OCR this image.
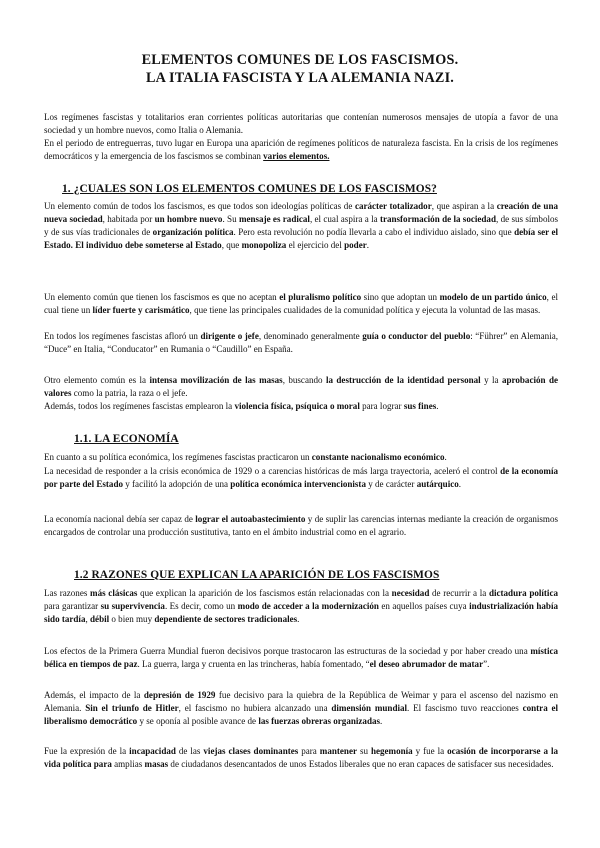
ELEMENTOS COMUNES DE LOS FASCISMOS.
LA ITALIA FASCISTA Y LA ALEMANIA NAZI.

Los regímenes fascistas y totalitarios eran corrientes políticas autoritarias que contenían numerosos mensajes de utopía a favor de una sociedad y un hombre nuevos, como Italia o Alemania.

En el periodo de entreguerras, tuvo lugar en Europa una aparición de regímenes políticos de naturaleza fascista. En la crisis de los regímenes democráticos y la emergencia de los fascismos se combinan varios elementos.

1. ¿CUALES SON LOS ELEMENTOS COMUNES DE LOS FASCISMOS?

Un elemento común de todos los fascismos, es que todos son ideologías políticas de carácter totalizador, que aspiran a la creación de una nueva sociedad, habitada por un hombre nuevo. Su mensaje es radical, el cual aspira a la transformación de la sociedad, de sus símbolos y de sus vías tradicionales de organización política. Pero esta revolución no podía llevarla a cabo el individuo aislado, sino que debía ser el Estado. El individuo debe someterse al Estado, que monopoliza el ejercicio del poder.

Un elemento común que tienen los fascismos es que no aceptan el pluralismo político sino que adoptan un modelo de un partido único, el cual tiene un líder fuerte y carismático, que tiene las principales cualidades de la comunidad política y ejecuta la voluntad de las masas.

En todos los regímenes fascistas afloró un dirigente o jefe, denominado generalmente guía o conductor del pueblo: “Führer” en Alemania, “Duce” en Italia, “Conducator” en Rumania o “Caudillo” en España.

Otro elemento común es la intensa movilización de las masas, buscando la destrucción de la identidad personal y la aprobación de valores como la patria, la raza o el jefe.

Además, todos los regímenes fascistas emplearon la violencia física, psíquica o moral para lograr sus fines.

1.1. LA ECONOMÍA

En cuanto a su política económica, los regímenes fascistas practicaron un constante nacionalismo económico.

La necesidad de responder a la crisis económica de 1929 o a carencias históricas de más larga trayectoria, aceleró el control de la economía por parte del Estado y facilitó la adopción de una política económica intervencionista y de carácter autárquico.

La economía nacional debía ser capaz de lograr el autoabastecimiento y de suplir las carencias internas mediante la creación de organismos encargados de controlar una producción sustitutiva, tanto en el ámbito industrial como en el agrario.

1.2 RAZONES QUE EXPLICAN LA APARICIÓN DE LOS FASCISMOS

Las razones más clásicas que explican la aparición de los fascismos están relacionadas con la necesidad de recurrir a la dictadura política para garantizar su supervivencia. Es decir, como un modo de acceder a la modernización en aquellos países cuya industrialización había sido tardía, débil o bien muy dependiente de sectores tradicionales.

Los efectos de la Primera Guerra Mundial fueron decisivos porque trastocaron las estructuras de la sociedad y por haber creado una mística bélica en tiempos de paz. La guerra, larga y cruenta en las trincheras, había fomentado, “el deseo abrumador de matar”.

Además, el impacto de la depresión de 1929 fue decisivo para la quiebra de la República de Weimar y para el ascenso del nazismo en Alemania. Sin el triunfo de Hitler, el fascismo no hubiera alcanzado una dimensión mundial. El fascismo tuvo reacciones contra el liberalismo democrático y se oponía al posible avance de las fuerzas obreras organizadas.

Fue la expresión de la incapacidad de las viejas clases dominantes para mantener su hegemonía y fue la ocasión de incorporarse a la vida política para amplias masas de ciudadanos desencantados de unos Estados liberales que no eran capaces de satisfacer sus necesidades.
